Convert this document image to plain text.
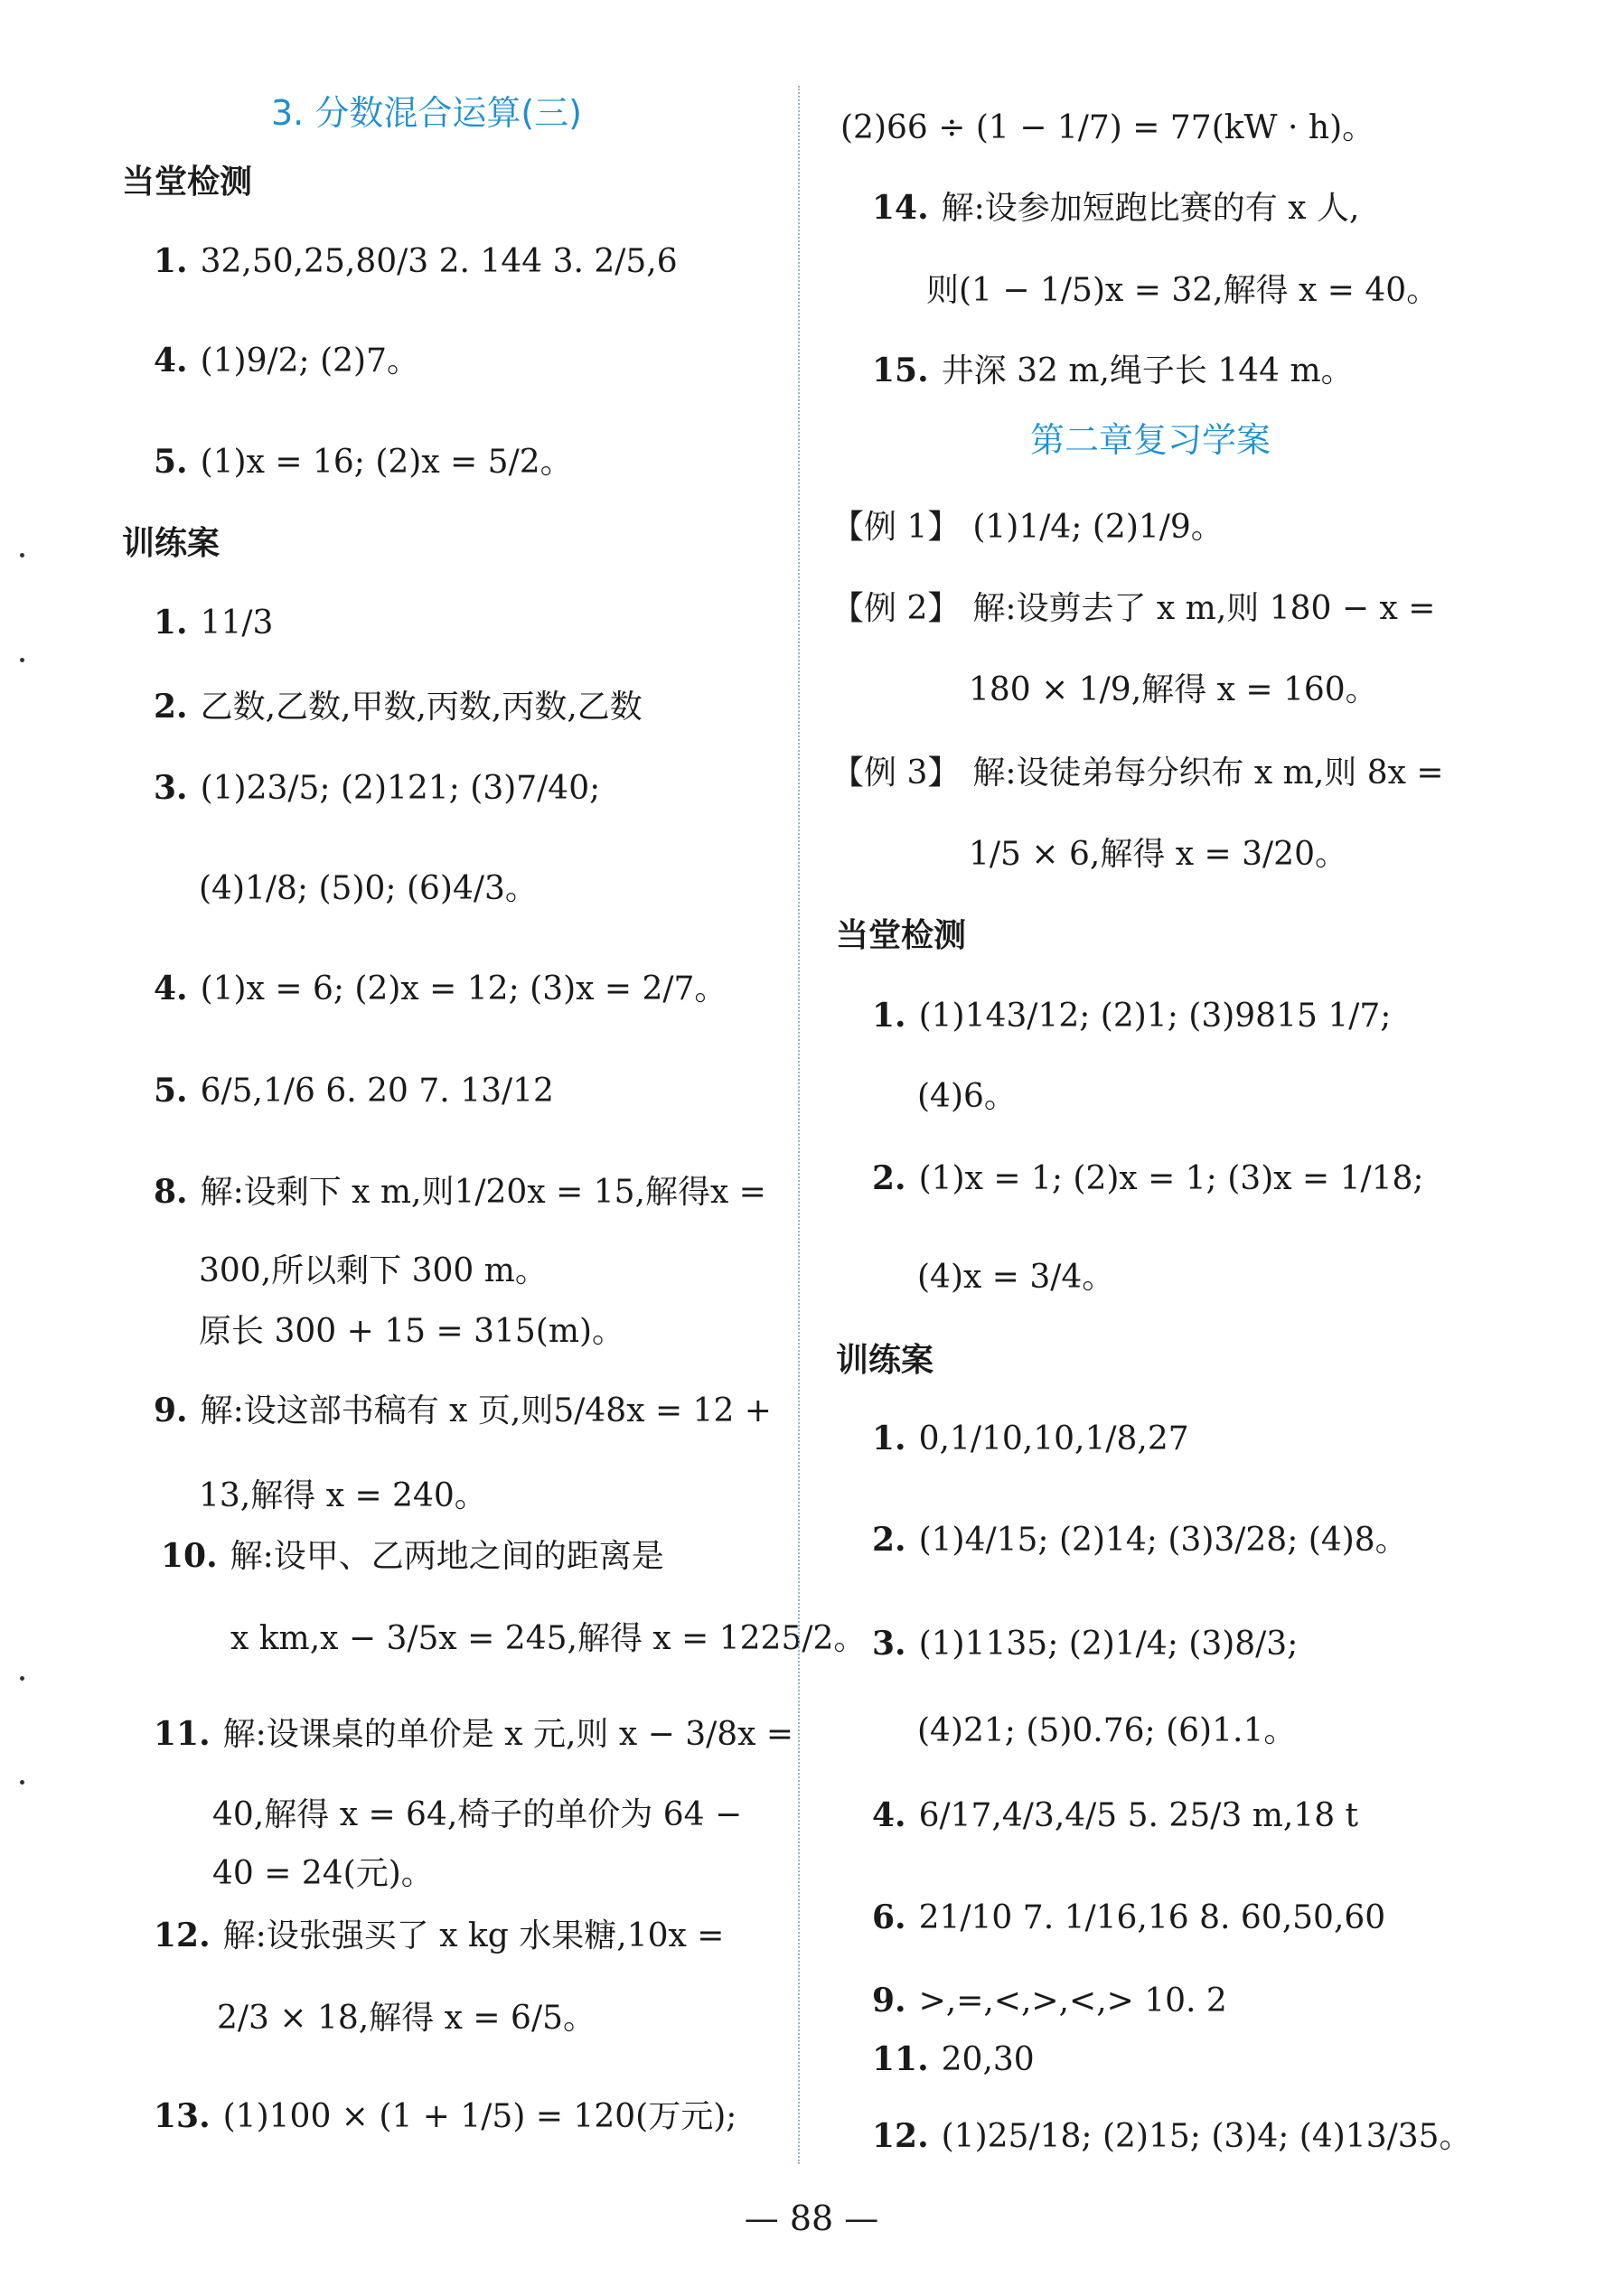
3. 分数混合运算(三)
当堂检测
1. 32,50,25,80/3 2. 144 3. 2/5,6
4. (1)9/2; (2)7。
5. (1)x = 16; (2)x = 5/2。
训练案
1. 11/3
2. 乙数,乙数,甲数,丙数,丙数,乙数
3. (1)23/5; (2)121; (3)7/40;
(4)1/8; (5)0; (6)4/3。
4. (1)x = 6; (2)x = 12; (3)x = 2/7。
5. 6/5,1/6 6. 20 7. 13/12
8. 解:设剩下 x m,则1/20x = 15,解得x =
300,所以剩下 300 m。
原长 300 + 15 = 315(m)。
9. 解:设这部书稿有 x 页,则5/48x = 12 +
13,解得 x = 240。
10. 解:设甲、乙两地之间的距离是
x km,x − 3/5x = 245,解得 x = 1225/2。
11. 解:设课桌的单价是 x 元,则 x − 3/8x =
40,解得 x = 64,椅子的单价为 64 −
40 = 24(元)。
12. 解:设张强买了 x kg 水果糖,10x =
2/3 × 18,解得 x = 6/5。
13. (1)100 × (1 + 1/5) = 120(万元);
(2)66 ÷ (1 − 1/7) = 77(kW · h)。
14. 解:设参加短跑比赛的有 x 人,
则(1 − 1/5)x = 32,解得 x = 40。
15. 井深 32 m,绳子长 144 m。
第二章复习学案
【例 1】 (1)1/4; (2)1/9。
【例 2】 解:设剪去了 x m,则 180 − x =
180 × 1/9,解得 x = 160。
【例 3】 解:设徒弟每分织布 x m,则 8x =
1/5 × 6,解得 x = 3/20。
当堂检测
1. (1)143/12; (2)1; (3)9815 1/7;
(4)6。
2. (1)x = 1; (2)x = 1; (3)x = 1/18;
(4)x = 3/4。
训练案
1. 0,1/10,10,1/8,27
2. (1)4/15; (2)14; (3)3/28; (4)8。
3. (1)1135; (2)1/4; (3)8/3;
(4)21; (5)0.76; (6)1.1。
4. 6/17,4/3,4/5 5. 25/3 m,18 t
6. 21/10 7. 1/16,16 8. 60,50,60
9. >,=,<,>,<,> 10. 2
11. 20,30
12. (1)25/18; (2)15; (3)4; (4)13/35。
— 88 —
